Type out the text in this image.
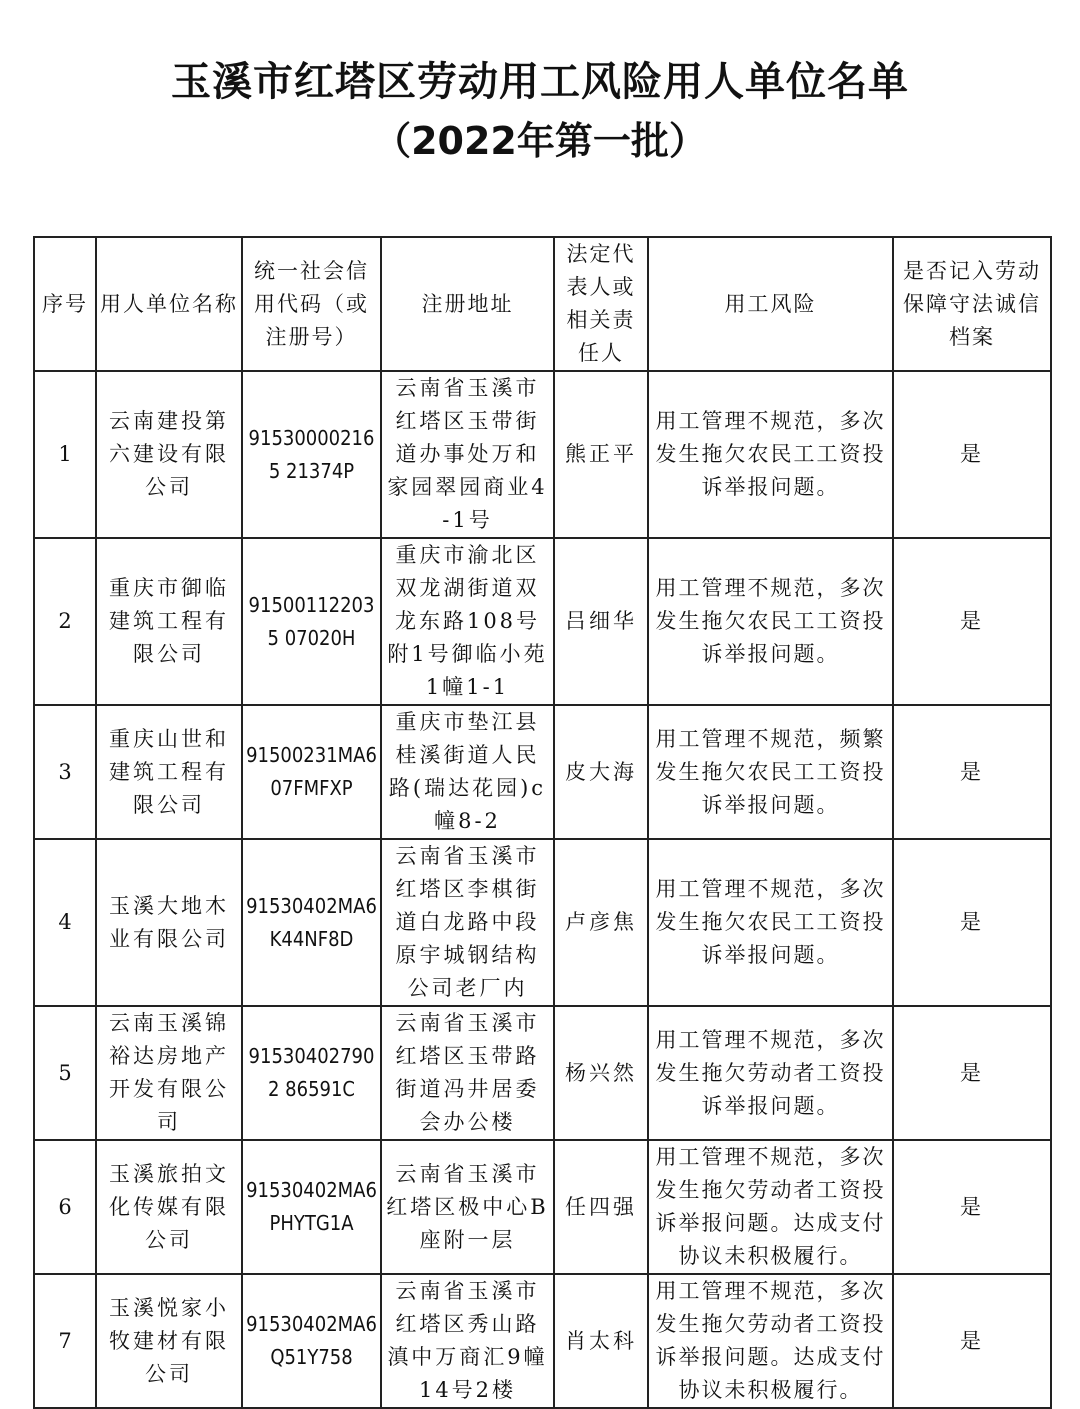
玉溪市红塔区劳动用工风险用人单位名单
（2022年第一批）
序号	用人单位名称	统一社会信用代码（或注册号）	注册地址	法定代表人或相关责任人	用工风险	是否记入劳动保障守法诚信档案
1	云南建投第六建设有限公司	915300002165 21374P	云南省玉溪市红塔区玉带街道办事处万和家园翠园商业4-1号	熊正平	用工管理不规范，多次发生拖欠农民工工资投诉举报问题。	是
2	重庆市御临建筑工程有限公司	915001122035 07020H	重庆市渝北区双龙湖街道双龙东路108号附1号御临小苑1幢1-1	吕细华	用工管理不规范，多次发生拖欠农民工工资投诉举报问题。	是
3	重庆山世和建筑工程有限公司	91500231MA607FMFXP	重庆市垫江县桂溪街道人民路(瑞达花园)c幢8-2	皮大海	用工管理不规范，频繁发生拖欠农民工工资投诉举报问题。	是
4	玉溪大地木业有限公司	91530402MA6K44NF8D	云南省玉溪市红塔区李棋街道白龙路中段原宇城钢结构公司老厂内	卢彦焦	用工管理不规范，多次发生拖欠农民工工资投诉举报问题。	是
5	云南玉溪锦裕达房地产开发有限公司	915304027902 86591C	云南省玉溪市红塔区玉带路街道冯井居委会办公楼	杨兴然	用工管理不规范，多次发生拖欠劳动者工资投诉举报问题。	是
6	玉溪旅拍文化传媒有限公司	91530402MA6PHYTG1A	云南省玉溪市红塔区极中心B座附一层	任四强	用工管理不规范，多次发生拖欠劳动者工资投诉举报问题。达成支付协议未积极履行。	是
7	玉溪悦家小牧建材有限公司	91530402MA6Q51Y758	云南省玉溪市红塔区秀山路滇中万商汇9幢14号2楼	肖太科	用工管理不规范，多次发生拖欠劳动者工资投诉举报问题。达成支付协议未积极履行。	是
